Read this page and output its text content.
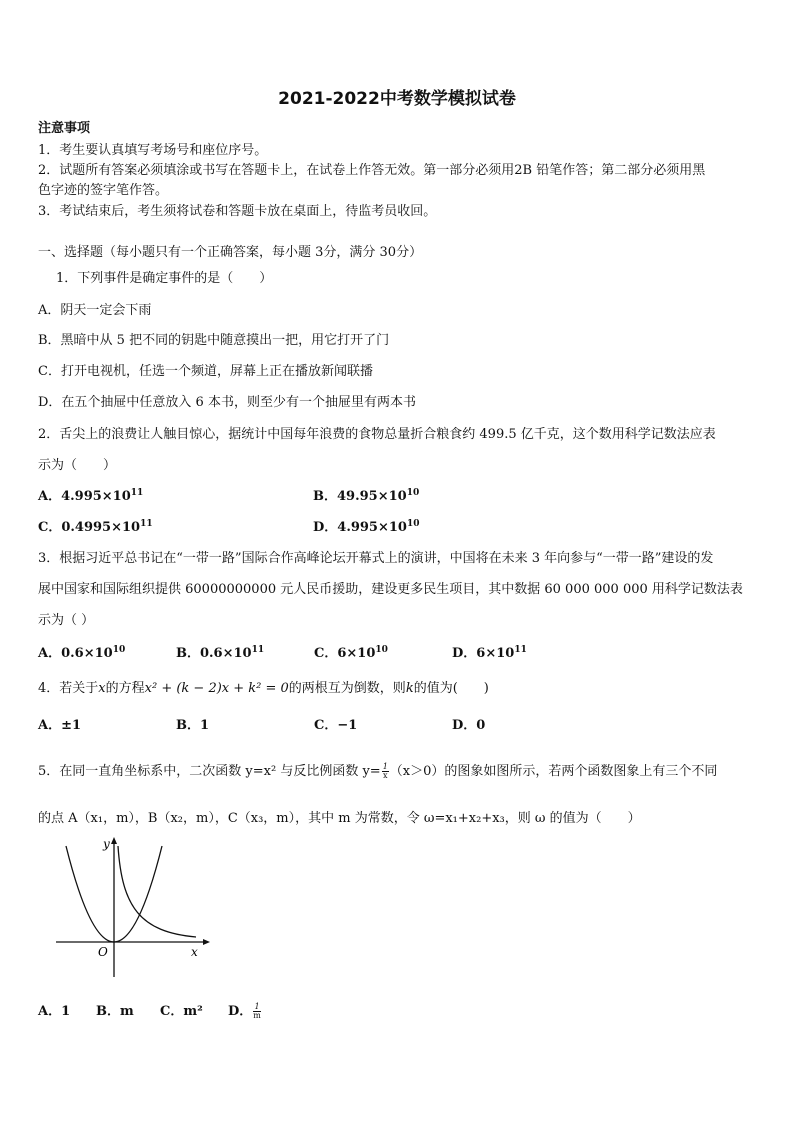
2021-2022中考数学模拟试卷
注意事项
1．考生要认真填写考场号和座位序号。
2．试题所有答案必须填涂或书写在答题卡上，在试卷上作答无效。第一部分必须用2B 铅笔作答；第二部分必须用黑
色字迹的签字笔作答。
3．考试结束后，考生须将试卷和答题卡放在桌面上，待监考员收回。
一、选择题（每小题只有一个正确答案，每小题 3分，满分 30分）
1．下列事件是确定事件的是（　　）
A．阴天一定会下雨
B．黑暗中从 5 把不同的钥匙中随意摸出一把，用它打开了门
C．打开电视机，任选一个频道，屏幕上正在播放新闻联播
D．在五个抽屉中任意放入 6 本书，则至少有一个抽屉里有两本书
2．舌尖上的浪费让人触目惊心，据统计中国每年浪费的食物总量折合粮食约 499.5 亿千克，这个数用科学记数法应表
示为（　　）
A．$4.995\times 10^{11}$	B．$49.95\times 10^{10}$
C．$0.4995\times 10^{11}$	D．$4.995\times 10^{10}$
3．根据习近平总书记在“一带一路”国际合作高峰论坛开幕式上的演讲，中国将在未来 3 年向参与“一带一路”建设的发
展中国家和国际组织提供 60000000000 元人民币援助，建设更多民生项目，其中数据 60 000 000 000 用科学记数法表
示为（ ）
A．$0.6\times 10^{10}$	B．$0.6\times 10^{11}$	C．$6\times 10^{10}$	D．$6\times 10^{11}$
4．若关于x的方程x² + (k − 2)x + k² = 0的两根互为倒数，则k的值为(　　)
A．±1	B．1	C．−1	D．0
5．在同一直角坐标系中，二次函数 y=x² 与反比例函数 $y= \frac{1}{x} (x>0)$的图象如图所示，若两个函数图象上有三个不同
的点 A（x₁，m），B（x₂，m），C（x₃，m），其中 m 为常数，令 ω=x₁+x₂+x₃，则 ω 的值为（　　）
y
x
O
A．1 B．m C．m² D． $\frac{1}{m}$
